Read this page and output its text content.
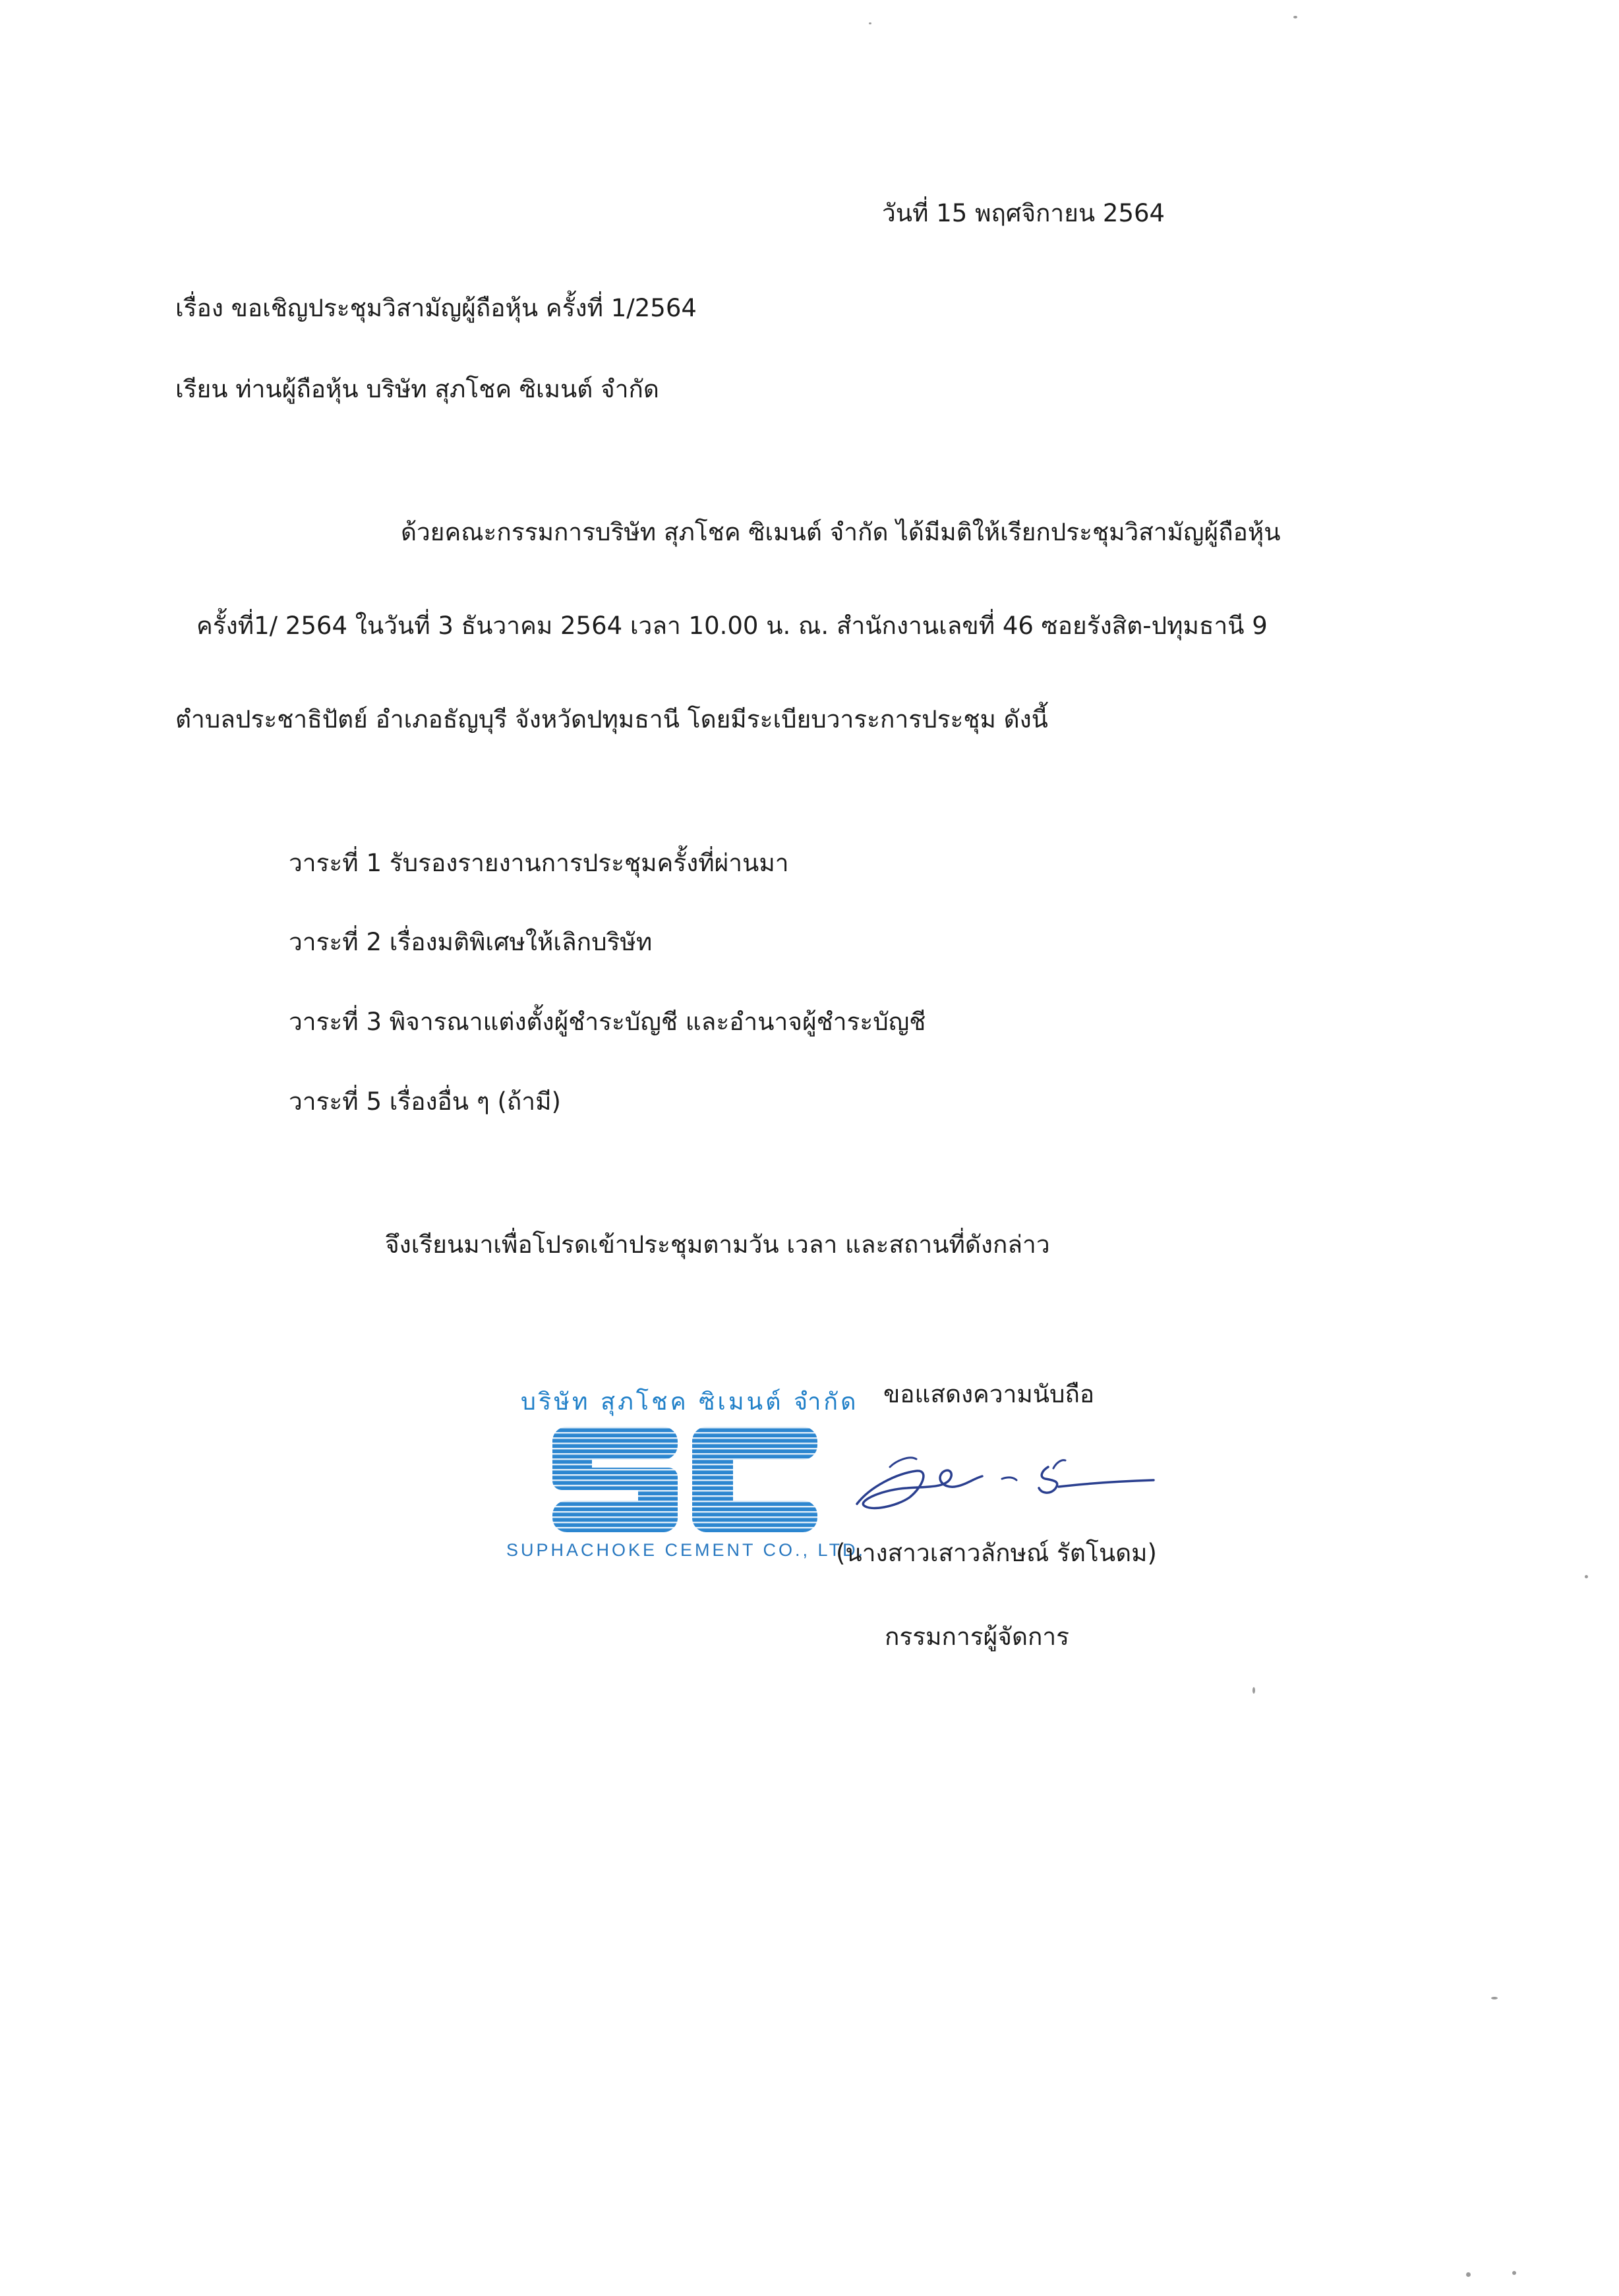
วันที่ 15 พฤศจิกายน 2564
เรื่อง ขอเชิญประชุมวิสามัญผู้ถือหุ้น ครั้งที่ 1/2564
เรียน ท่านผู้ถือหุ้น บริษัท สุภโชค ซิเมนต์ จำกัด
ด้วยคณะกรรมการบริษัท สุภโชค ซิเมนต์ จำกัด ได้มีมติให้เรียกประชุมวิสามัญผู้ถือหุ้น
ครั้งที่1/ 2564 ในวันที่ 3 ธันวาคม 2564 เวลา 10.00 น. ณ. สำนักงานเลขที่ 46 ซอยรังสิต-ปทุมธานี 9
ตำบลประชาธิปัตย์ อำเภอธัญบุรี จังหวัดปทุมธานี โดยมีระเบียบวาระการประชุม ดังนี้
วาระที่ 1 รับรองรายงานการประชุมครั้งที่ผ่านมา
วาระที่ 2 เรื่องมติพิเศษให้เลิกบริษัท
วาระที่ 3 พิจารณาแต่งตั้งผู้ชำระบัญชี และอำนาจผู้ชำระบัญชี
วาระที่ 5 เรื่องอื่น ๆ (ถ้ามี)
จึงเรียนมาเพื่อโปรดเข้าประชุมตามวัน เวลา และสถานที่ดังกล่าว
ขอแสดงความนับถือ
บริษัท สุภโชค ซิเมนต์ จำกัด
SUPHACHOKE CEMENT CO., LTD.
(นางสาวเสาวลักษณ์ รัตโนดม)
กรรมการผู้จัดการ
